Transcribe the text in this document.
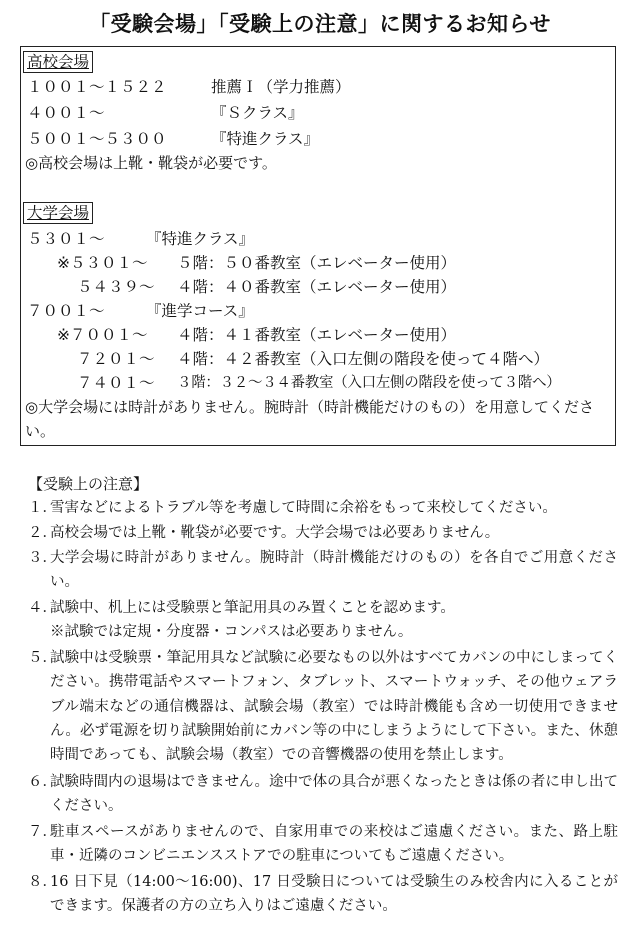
「受験会場」「受験上の注意」に関するお知らせ
高校会場
１００１〜１５２２	推薦Ｉ（学力推薦）
４００１〜	『Ｓクラス』
５００１〜５３００	『特進クラス』
◎高校会場は上靴・靴袋が必要です。
大学会場
５３０１〜	『特進クラス』
※５３０１〜 ５階：５０番教室（エレベーター使用）
５４３９〜 ４階：４０番教室（エレベーター使用）
７００１〜	『進学コース』
※７００１〜 ４階：４１番教室（エレベーター使用）
７２０１〜 ４階：４２番教室（入口左側の階段を使って４階へ）
７４０１〜 ３階：３２〜３４番教室（入口左側の階段を使って３階へ）
◎大学会場には時計がありません。腕時計（時計機能だけのもの）を用意してください。
【受験上の注意】
１．
雪害などによるトラブル等を考慮して時間に余裕をもって来校してください。
２．
高校会場では上靴・靴袋が必要です。大学会場では必要ありません。
３．
大学会場に時計がありません。腕時計（時計機能だけのもの）を各自でご用意ください。
４．
試験中、机上には受験票と筆記用具のみ置くことを認めます。
※試験では定規・分度器・コンパスは必要ありません。
５．
試験中は受験票・筆記用具など試験に必要なもの以外はすべてカバンの中にしまってください。携帯電話やスマートフォン、タブレット、スマートウォッチ、その他ウェアラブル端末などの通信機器は、試験会場（教室）では時計機能も含め一切使用できません。必ず電源を切り試験開始前にカバン等の中にしまうようにして下さい。また、休憩時間であっても、試験会場（教室）での音響機器の使用を禁止します。
６．
試験時間内の退場はできません。途中で体の具合が悪くなったときは係の者に申し出てください。
７．
駐車スペースがありませんので、自家用車での来校はご遠慮ください。また、路上駐車・近隣のコンビニエンスストアでの駐車についてもご遠慮ください。
８．
16 日下見（14:00〜16:00)、17 日受験日については受験生のみ校舎内に入ることができます。保護者の方の立ち入りはご遠慮ください。
